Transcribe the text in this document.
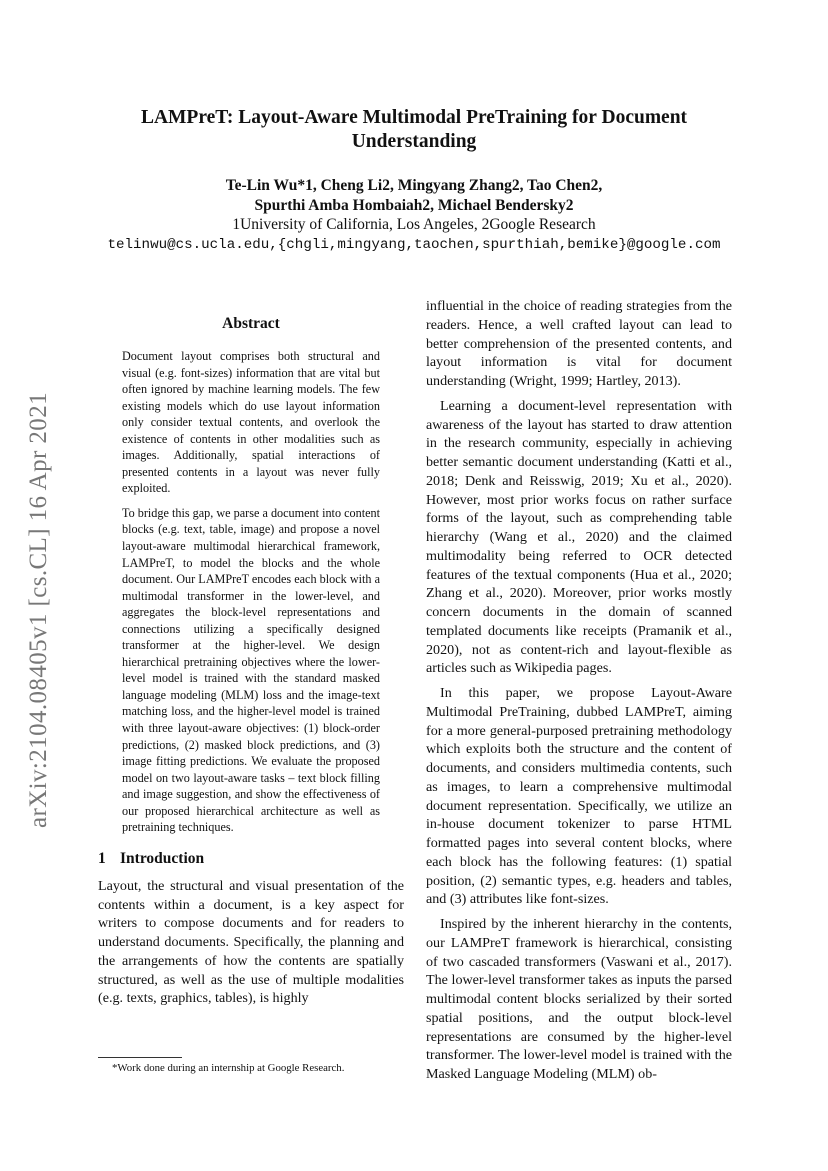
arXiv:2104.08405v1 [cs.CL] 16 Apr 2021
LAMPreT: Layout-Aware Multimodal PreTraining for Document Understanding
Te-Lin Wu*1, Cheng Li2, Mingyang Zhang2, Tao Chen2,
Spurthi Amba Hombaiah2, Michael Bendersky2
1University of California, Los Angeles, 2Google Research
telinwu@cs.ucla.edu,{chgli,mingyang,taochen,spurthiah,bemike}@google.com
Abstract

Document layout comprises both structural and visual (e.g. font-sizes) information that are vital but often ignored by machine learning models. The few existing models which do use layout information only consider textual contents, and overlook the existence of contents in other modalities such as images. Additionally, spatial interactions of presented contents in a layout was never fully exploited.

To bridge this gap, we parse a document into content blocks (e.g. text, table, image) and propose a novel layout-aware multimodal hierarchical framework, LAMPreT, to model the blocks and the whole document. Our LAMPreT encodes each block with a multimodal transformer in the lower-level, and aggregates the block-level representations and connections utilizing a specifically designed transformer at the higher-level. We design hierarchical pretraining objectives where the lower-level model is trained with the standard masked language modeling (MLM) loss and the image-text matching loss, and the higher-level model is trained with three layout-aware objectives: (1) block-order predictions, (2) masked block predictions, and (3) image fitting predictions. We evaluate the proposed model on two layout-aware tasks – text block filling and image suggestion, and show the effectiveness of our proposed hierarchical architecture as well as pretraining techniques.

1 Introduction

Layout, the structural and visual presentation of the contents within a document, is a key aspect for writers to compose documents and for readers to understand documents. Specifically, the planning and the arrangements of how the contents are spatially structured, as well as the use of multiple modalities (e.g. texts, graphics, tables), is highly

influential in the choice of reading strategies from the readers. Hence, a well crafted layout can lead to better comprehension of the presented contents, and layout information is vital for document understanding (Wright, 1999; Hartley, 2013).

Learning a document-level representation with awareness of the layout has started to draw attention in the research community, especially in achieving better semantic document understanding (Katti et al., 2018; Denk and Reisswig, 2019; Xu et al., 2020). However, most prior works focus on rather surface forms of the layout, such as comprehending table hierarchy (Wang et al., 2020) and the claimed multimodality being referred to OCR detected features of the textual components (Hua et al., 2020; Zhang et al., 2020). Moreover, prior works mostly concern documents in the domain of scanned templated documents like receipts (Pramanik et al., 2020), not as content-rich and layout-flexible as articles such as Wikipedia pages.

In this paper, we propose Layout-Aware Multimodal PreTraining, dubbed LAMPreT, aiming for a more general-purposed pretraining methodology which exploits both the structure and the content of documents, and considers multimedia contents, such as images, to learn a comprehensive multimodal document representation. Specifically, we utilize an in-house document tokenizer to parse HTML formatted pages into several content blocks, where each block has the following features: (1) spatial position, (2) semantic types, e.g. headers and tables, and (3) attributes like font-sizes.

Inspired by the inherent hierarchy in the contents, our LAMPreT framework is hierarchical, consisting of two cascaded transformers (Vaswani et al., 2017). The lower-level transformer takes as inputs the parsed multimodal content blocks serialized by their sorted spatial positions, and the output block-level representations are consumed by the higher-level transformer. The lower-level model is trained with the Masked Language Modeling (MLM) ob-

*Work done during an internship at Google Research.
